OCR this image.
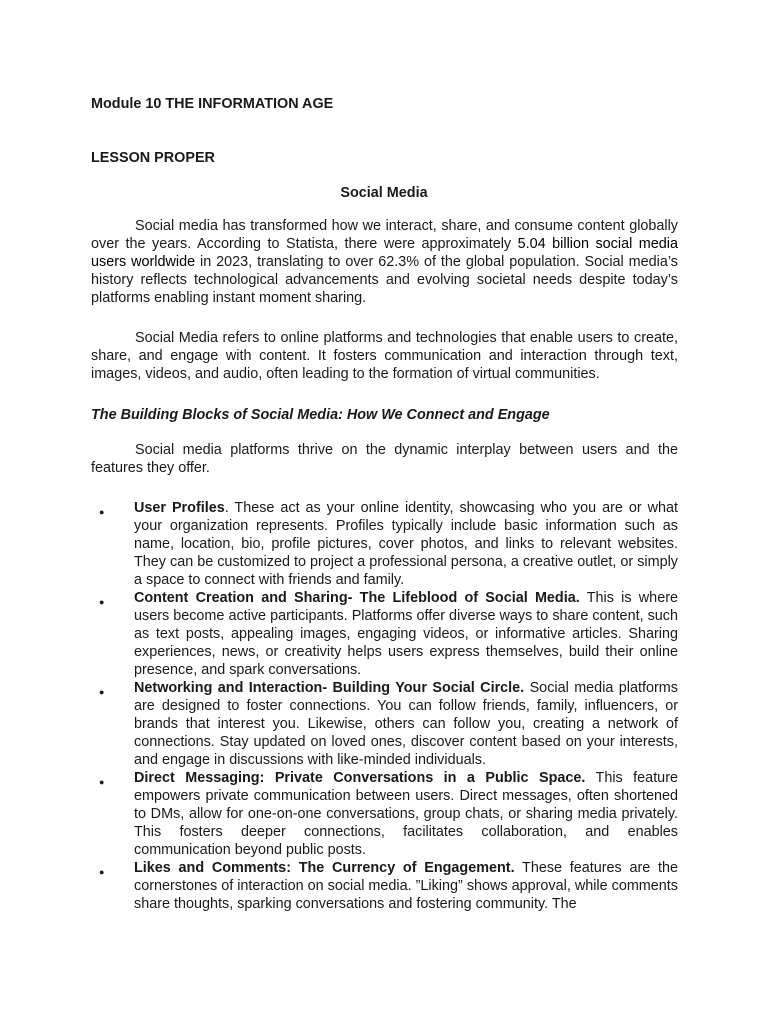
Module 10 THE INFORMATION AGE
LESSON PROPER
Social Media

Social media has transformed how we interact, share, and consume content globally over the years. According to Statista, there were approximately 5.04 billion social media users worldwide in 2023, translating to over 62.3% of the global population. Social media’s history reflects technological advancements and evolving societal needs despite today’s platforms enabling instant moment sharing.

Social Media refers to online platforms and technologies that enable users to create, share, and engage with content. It fosters communication and interaction through text, images, videos, and audio, often leading to the formation of virtual communities.

The Building Blocks of Social Media: How We Connect and Engage

Social media platforms thrive on the dynamic interplay between users and the features they offer.

● User Profiles. These act as your online identity, showcasing who you are or what your organization represents. Profiles typically include basic information such as name, location, bio, profile pictures, cover photos, and links to relevant websites. They can be customized to project a professional persona, a creative outlet, or simply a space to connect with friends and family.
● Content Creation and Sharing- The Lifeblood of Social Media. This is where users become active participants. Platforms offer diverse ways to share content, such as text posts, appealing images, engaging videos, or informative articles. Sharing experiences, news, or creativity helps users express themselves, build their online presence, and spark conversations.
● Networking and Interaction- Building Your Social Circle. Social media platforms are designed to foster connections. You can follow friends, family, influencers, or brands that interest you. Likewise, others can follow you, creating a network of connections. Stay updated on loved ones, discover content based on your interests, and engage in discussions with like-minded individuals.
● Direct Messaging: Private Conversations in a Public Space. This feature empowers private communication between users. Direct messages, often shortened to DMs, allow for one-on-one conversations, group chats, or sharing media privately. This fosters deeper connections, facilitates collaboration, and enables communication beyond public posts.
● Likes and Comments: The Currency of Engagement. These features are the cornerstones of interaction on social media. ”Liking” shows approval, while comments share thoughts, sparking conversations and fostering community. The
